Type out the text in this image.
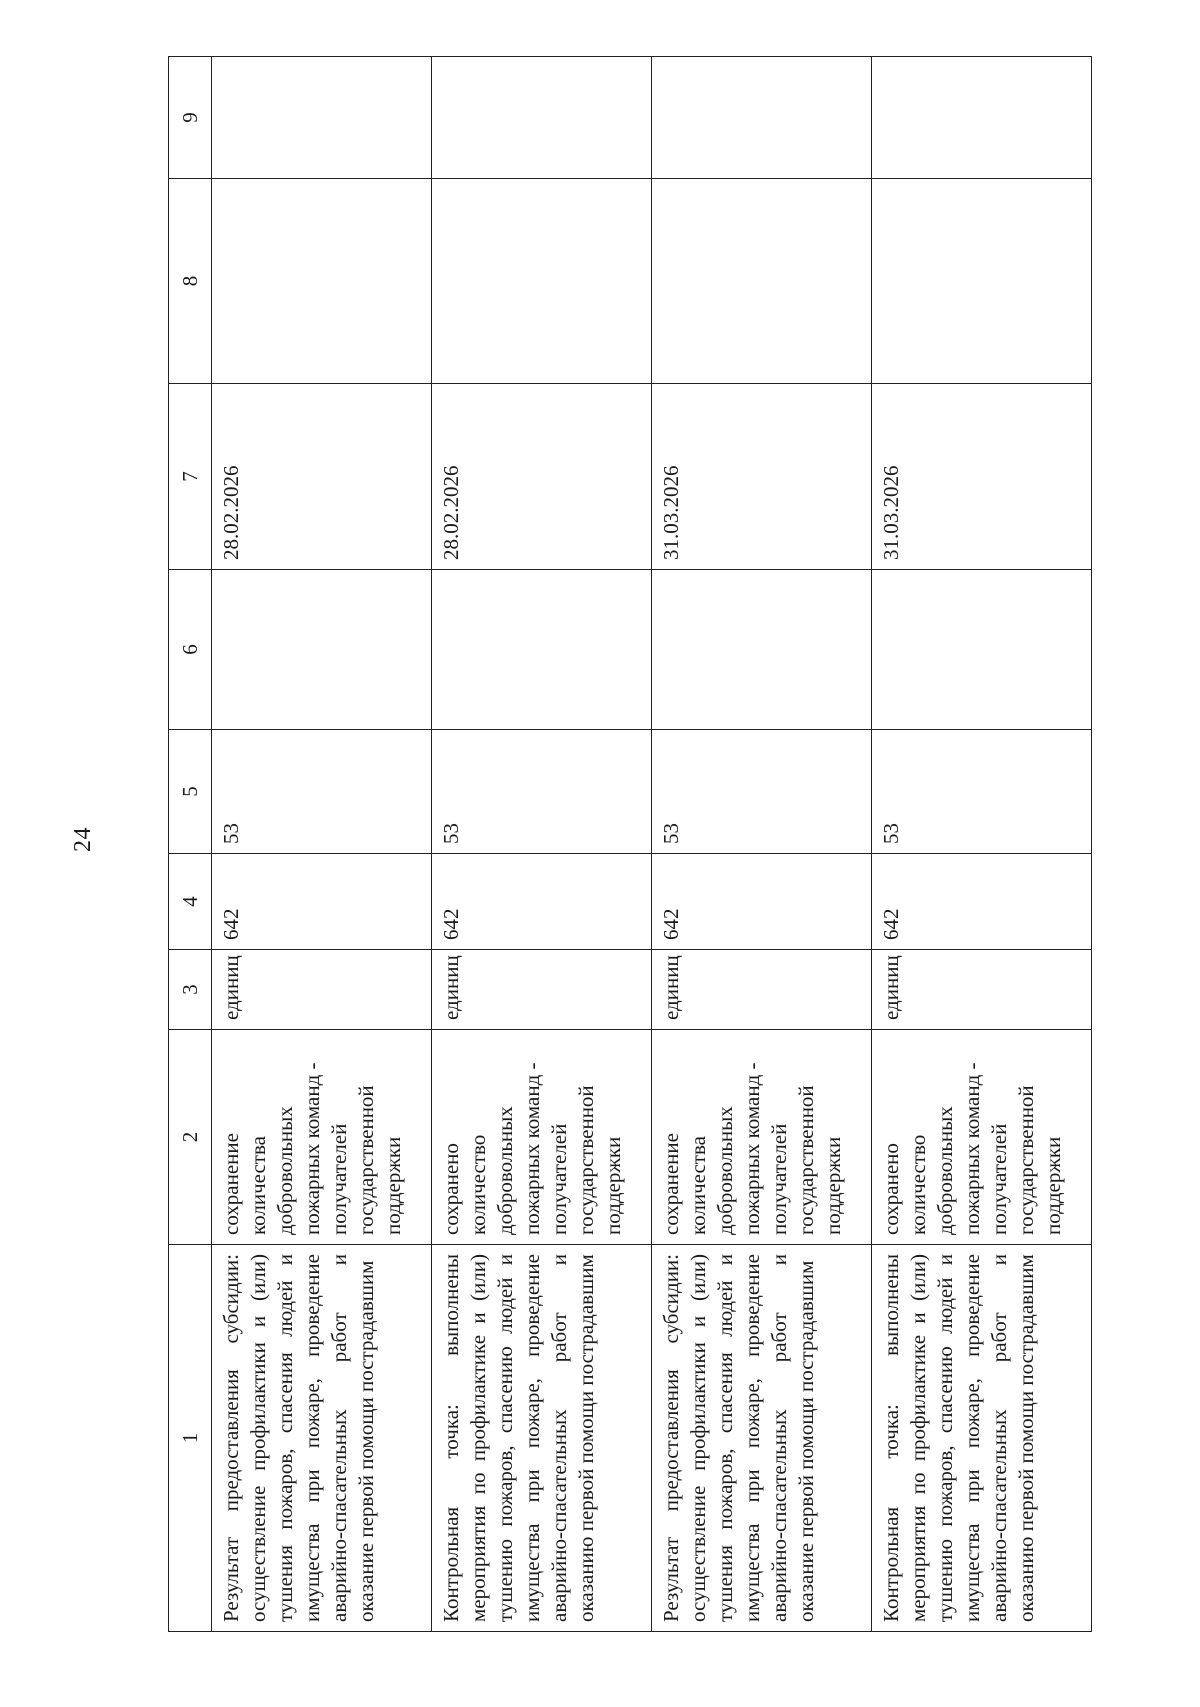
24
1	2	3	4	5	6	7	8	9
Результат предоставления субсидии: осуществление профилактики и (или) тушения пожаров, спасения людей и имущества при пожаре, проведение аварийно-спасательных работ и оказание первой помощи пострадавшим	сохранение количества добровольных пожарных команд - получателей государственной поддержки	единиц	642	53		28.02.2026		
Контрольная точка: выполнены мероприятия по профилактике и (или) тушению пожаров, спасению людей и имущества при пожаре, проведение аварийно-спасательных работ и оказанию первой помощи пострадавшим	сохранено количество добровольных пожарных команд - получателей государственной поддержки	единиц	642	53		28.02.2026		
Результат предоставления субсидии: осуществление профилактики и (или) тушения пожаров, спасения людей и имущества при пожаре, проведение аварийно-спасательных работ и оказание первой помощи пострадавшим	сохранение количества добровольных пожарных команд - получателей государственной поддержки	единиц	642	53		31.03.2026		
Контрольная точка: выполнены мероприятия по профилактике и (или) тушению пожаров, спасению людей и имущества при пожаре, проведение аварийно-спасательных работ и оказанию первой помощи пострадавшим	сохранено количество добровольных пожарных команд - получателей государственной поддержки	единиц	642	53		31.03.2026		
